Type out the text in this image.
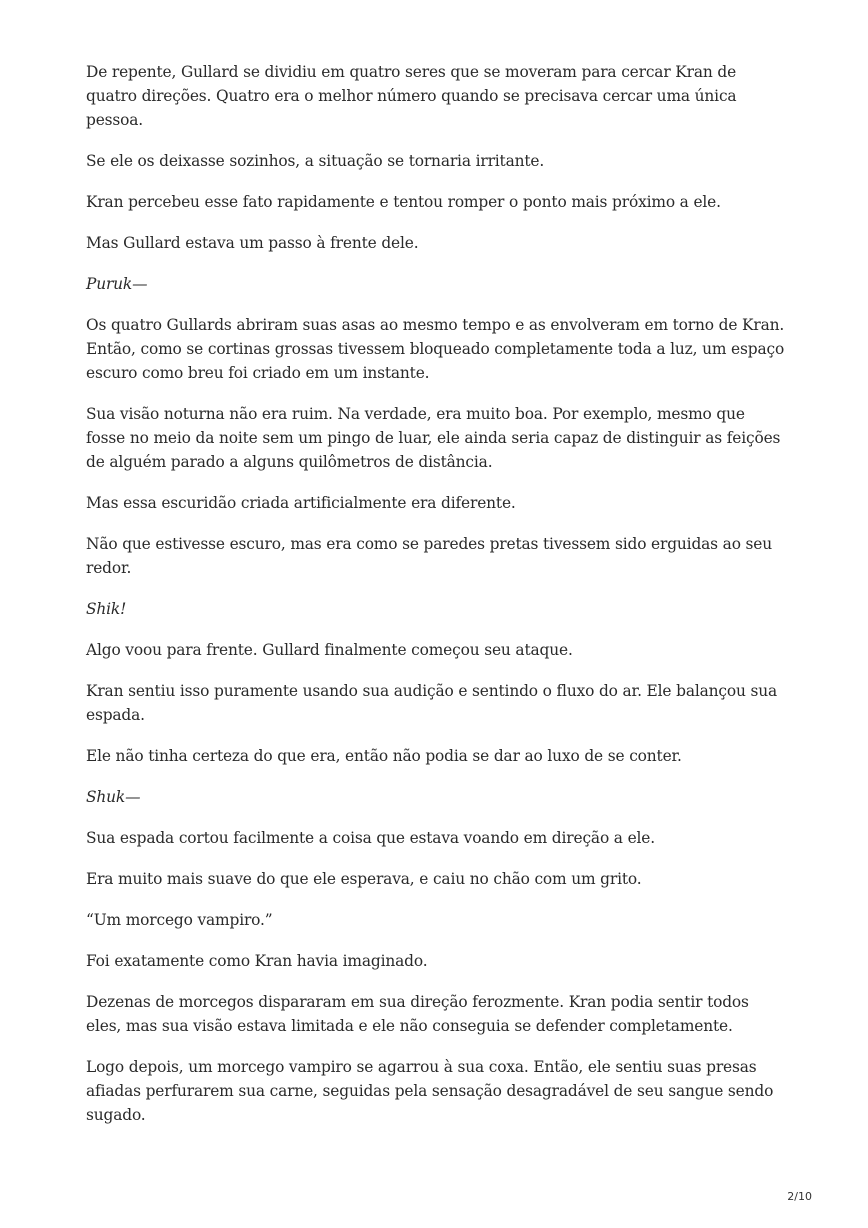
De repente, Gullard se dividiu em quatro seres que se moveram para cercar Kran de quatro direções. Quatro era o melhor número quando se precisava cercar uma única pessoa.

Se ele os deixasse sozinhos, a situação se tornaria irritante.

Kran percebeu esse fato rapidamente e tentou romper o ponto mais próximo a ele.

Mas Gullard estava um passo à frente dele.

Puruk—

Os quatro Gullards abriram suas asas ao mesmo tempo e as envolveram em torno de Kran. Então, como se cortinas grossas tivessem bloqueado completamente toda a luz, um espaço escuro como breu foi criado em um instante.

Sua visão noturna não era ruim. Na verdade, era muito boa. Por exemplo, mesmo que fosse no meio da noite sem um pingo de luar, ele ainda seria capaz de distinguir as feições de alguém parado a alguns quilômetros de distância.

Mas essa escuridão criada artificialmente era diferente.

Não que estivesse escuro, mas era como se paredes pretas tivessem sido erguidas ao seu redor.

Shik!

Algo voou para frente. Gullard finalmente começou seu ataque.

Kran sentiu isso puramente usando sua audição e sentindo o fluxo do ar. Ele balançou sua espada.

Ele não tinha certeza do que era, então não podia se dar ao luxo de se conter.

Shuk—

Sua espada cortou facilmente a coisa que estava voando em direção a ele.

Era muito mais suave do que ele esperava, e caiu no chão com um grito.

“Um morcego vampiro.”

Foi exatamente como Kran havia imaginado.

Dezenas de morcegos dispararam em sua direção ferozmente. Kran podia sentir todos eles, mas sua visão estava limitada e ele não conseguia se defender completamente.

Logo depois, um morcego vampiro se agarrou à sua coxa. Então, ele sentiu suas presas afiadas perfurarem sua carne, seguidas pela sensação desagradável de seu sangue sendo sugado.

2/10
